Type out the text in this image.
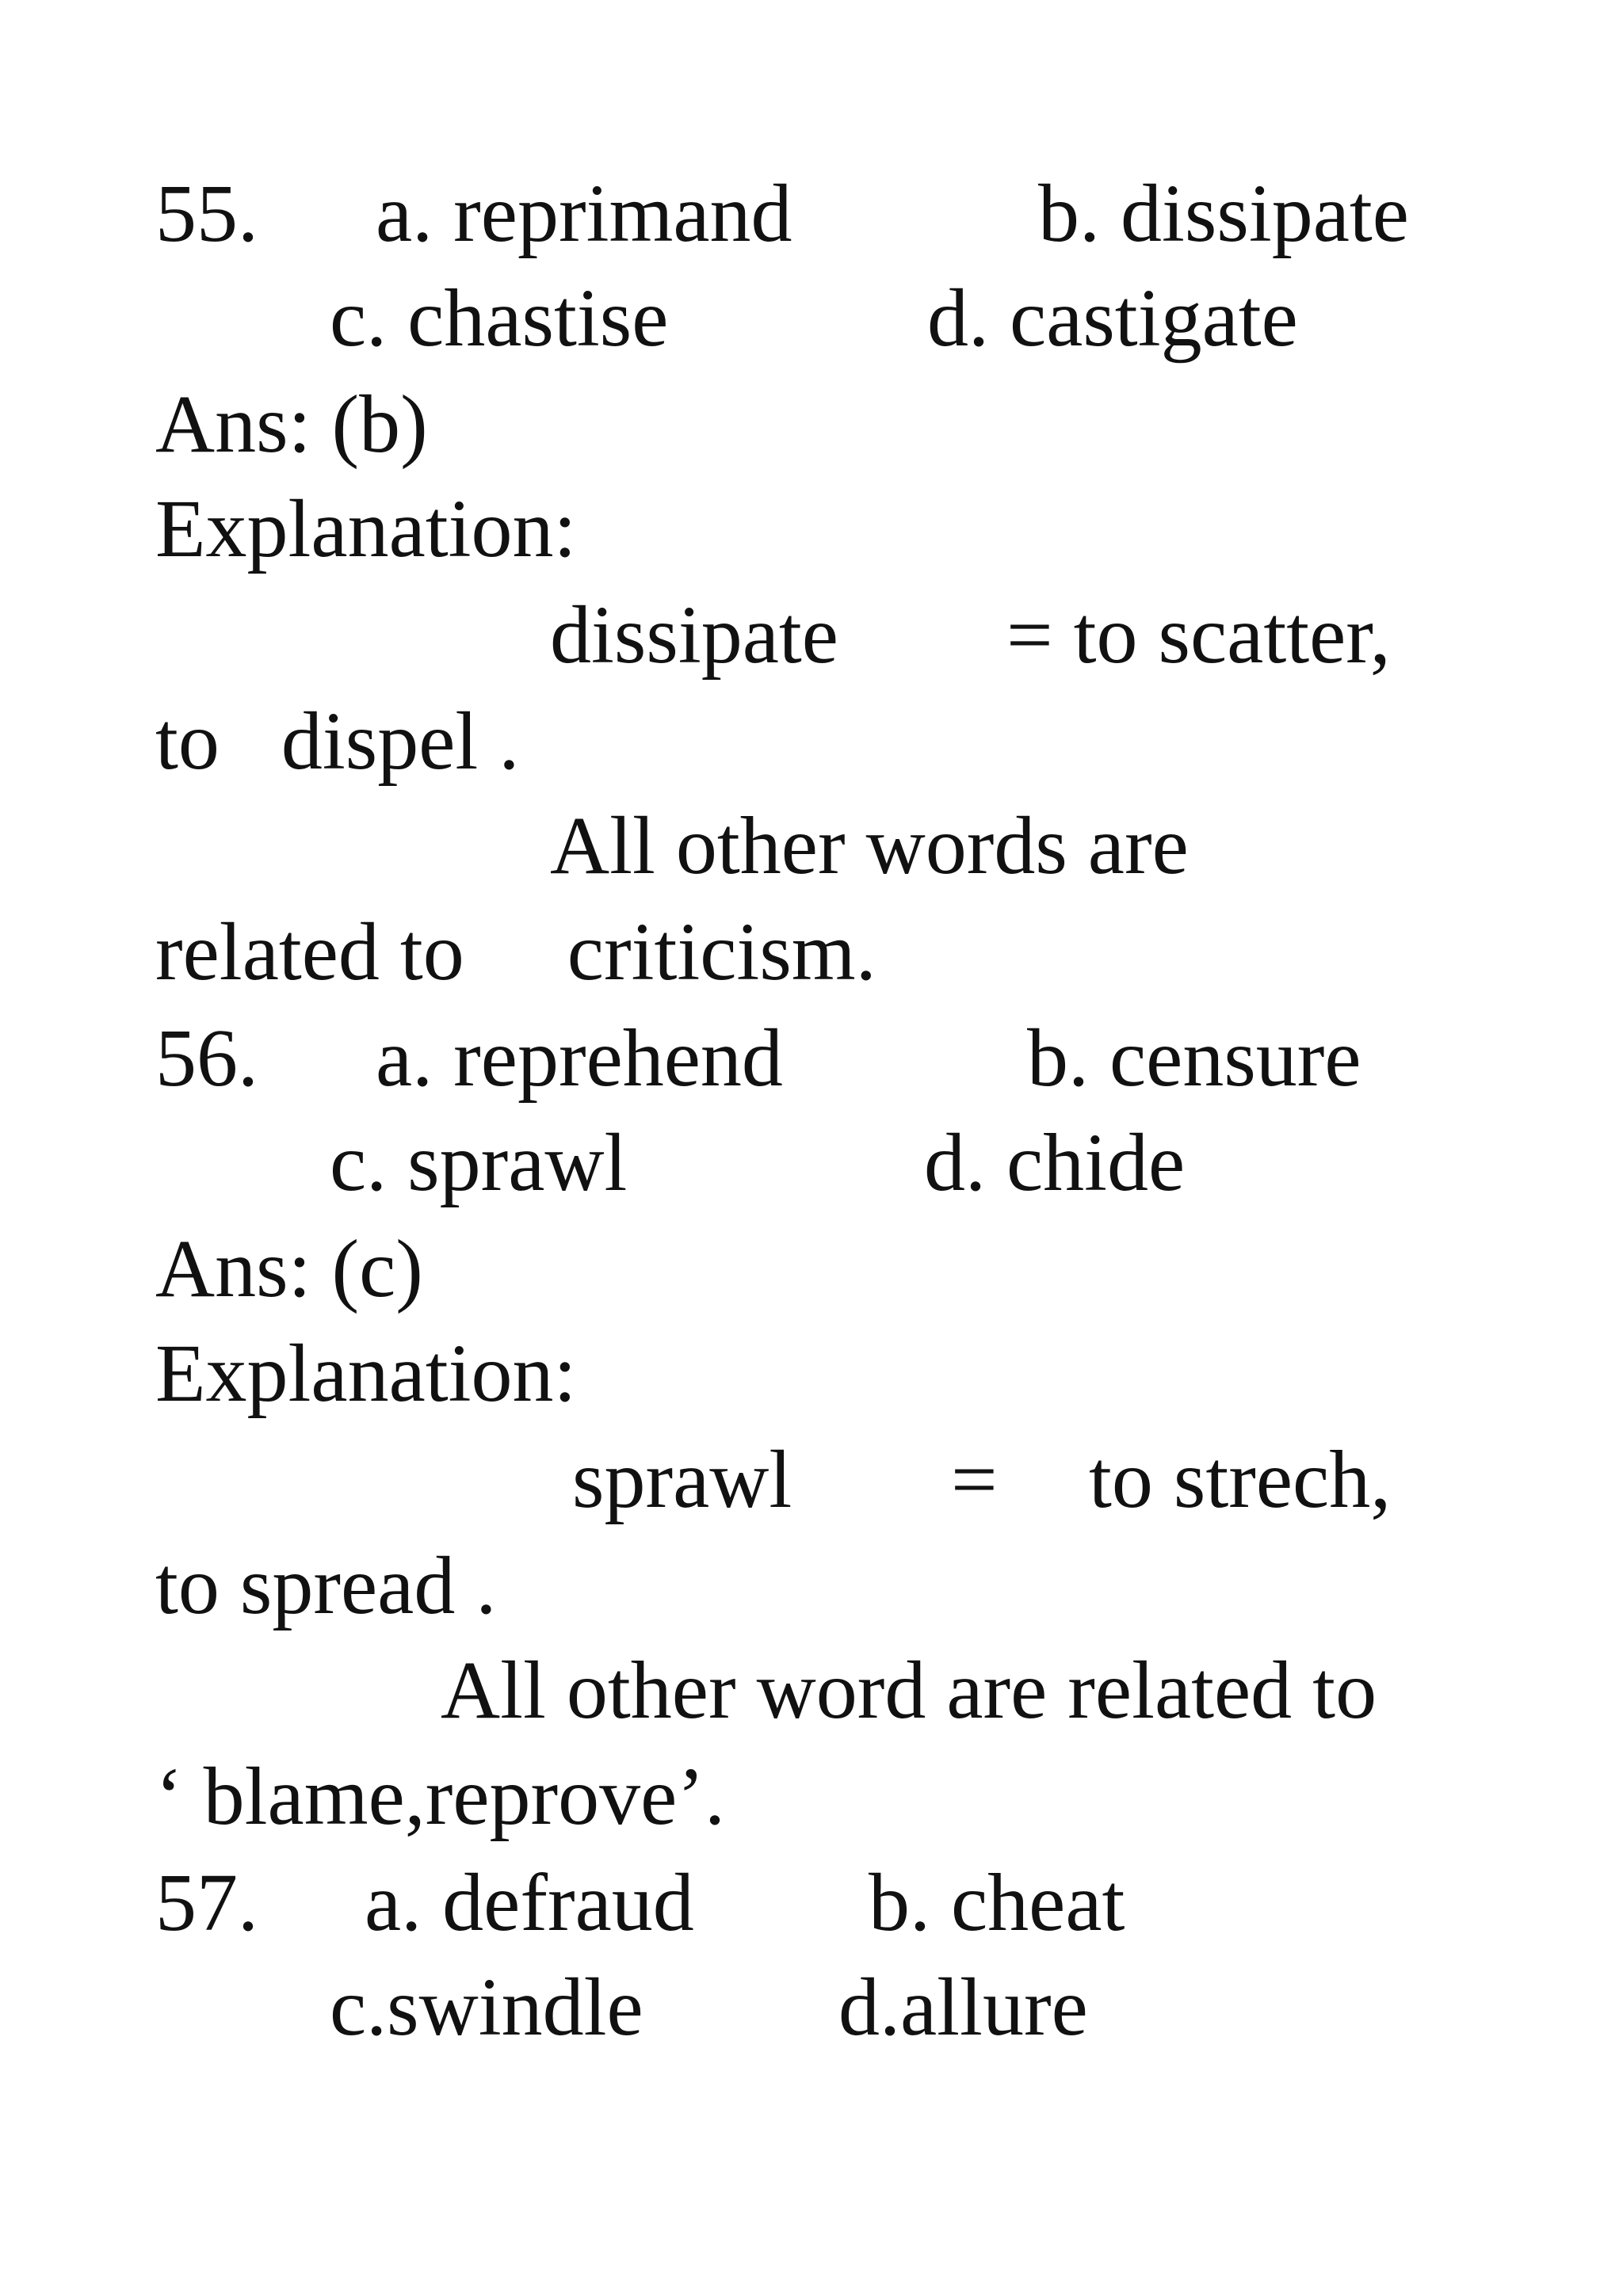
55. a. reprimand	b. dissipate
c. chastise	d. castigate
Ans: (b)
Explanation:
dissipate = to scatter,
to   dispel .
All other words are
related to     criticism.
56. a. reprehend	b. censure
c. sprawl	d. chide
Ans: (c)
Explanation:
sprawl = to strech,
to spread .
All other word are related to
‘ blame,reprove’.
57. a. defraud b. cheat
c.swindle d.allure
